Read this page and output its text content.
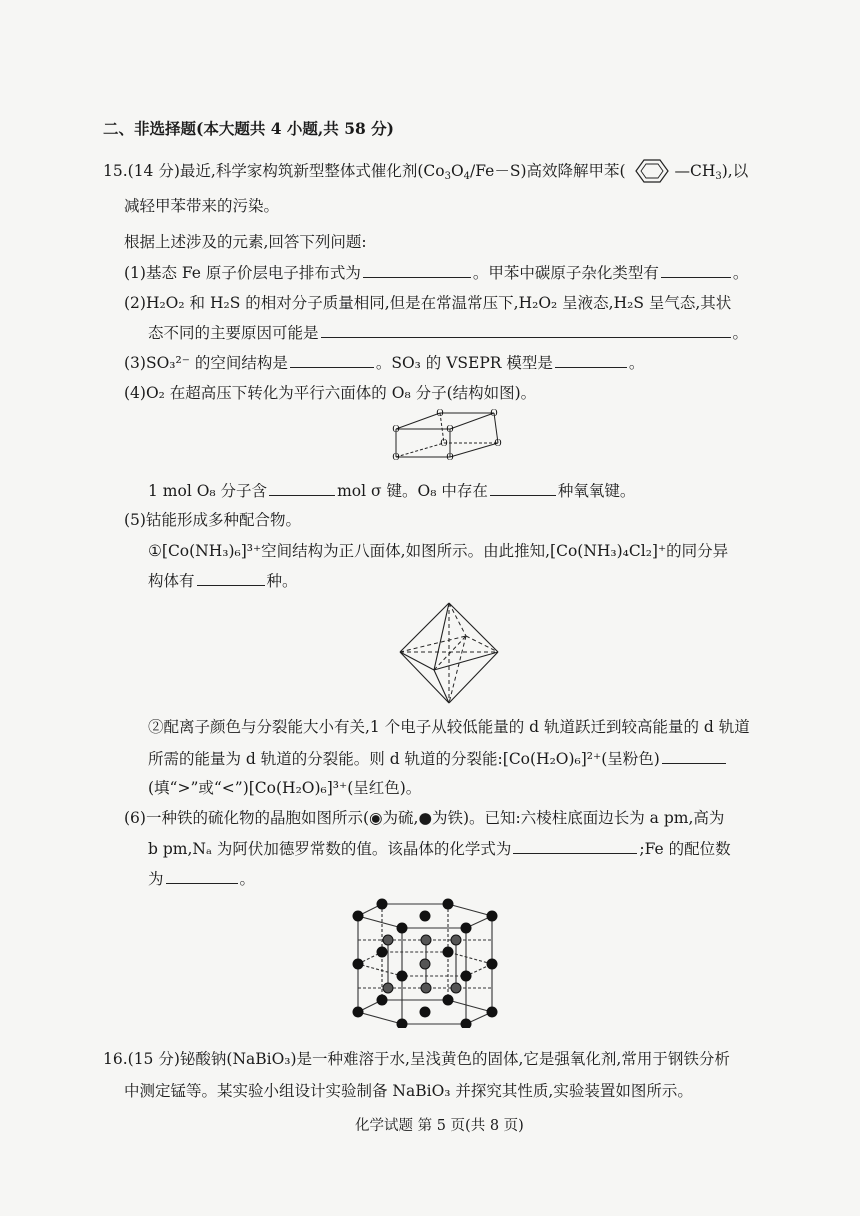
二、非选择题(本大题共 4 小题,共 58 分)
15.(14 分)最近,科学家构筑新型整体式催化剂$(Co_3O_4/Fe-S)$高效降解甲苯(	$—CH_3$),以
减轻甲苯带来的污染。
根据上述涉及的元素,回答下列问题:
(1)基态 Fe 原子价层电子排布式为	。甲苯中碳原子杂化类型有	。
(2)H₂O₂ 和 H₂S 的相对分子质量相同,但是在常温常压下,H₂O₂ 呈液态,H₂S 呈气态,其状
态不同的主要原因可能是	。
(3)SO₃²⁻ 的空间结构是	。SO₃ 的 VSEPR 模型是	。
(4)O₂ 在超高压下转化为平行六面体的 O₈ 分子(结构如图)。
O	O
O	O
O	O
O	O
1 mol O₈ 分子含	mol σ 键。O₈ 中存在	种氧氧键。
(5)钴能形成多种配合物。
①[Co(NH₃)₆]³⁺空间结构为正八面体,如图所示。由此推知,[Co(NH₃)₄Cl₂]⁺的同分异
构体有	种。
②配离子颜色与分裂能大小有关,1 个电子从较低能量的 d 轨道跃迁到较高能量的 d 轨道
所需的能量为 d 轨道的分裂能。则 d 轨道的分裂能:[Co(H₂O)₆]²⁺(呈粉色)
(填“>”或“<”)[Co(H₂O)₆]³⁺(呈红色)。
(6)一种铁的硫化物的晶胞如图所示(◉为硫,●为铁)。已知:六棱柱底面边长为 a pm,高为
b pm,Nₐ 为阿伏加德罗常数的值。该晶体的化学式为	;Fe 的配位数
为	。
16.(15 分)铋酸钠(NaBiO₃)是一种难溶于水,呈浅黄色的固体,它是强氧化剂,常用于钢铁分析
中测定锰等。某实验小组设计实验制备 NaBiO₃ 并探究其性质,实验装置如图所示。
化学试题 第 5 页(共 8 页)
